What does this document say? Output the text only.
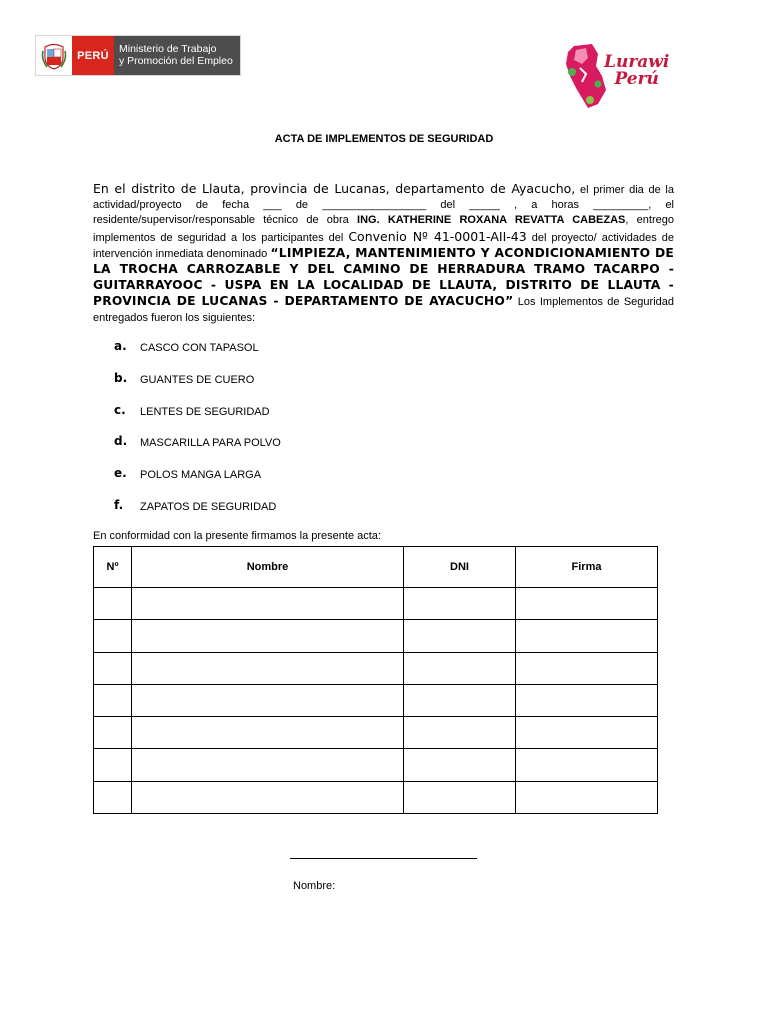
PERÚ
Ministerio de Trabajo
y Promoción del Empleo	Lurawi
Perú
ACTA DE IMPLEMENTOS DE SEGURIDAD
En el distrito de Llauta, provincia de Lucanas, departamento de Ayacucho, el primer dia de la actividad/proyecto de fecha ___ de _________________ del _____ , a horas _________, el residente/supervisor/responsable técnico de obra ING. KATHERINE ROXANA REVATTA CABEZAS, entrego implementos de seguridad a los participantes del Convenio Nº 41-0001-AII-43 del proyecto/ actividades de intervención inmediata denominado “LIMPIEZA, MANTENIMIENTO Y ACONDICIONAMIENTO DE LA TROCHA CARROZABLE Y DEL CAMINO DE HERRADURA TRAMO TACARPO - GUITARRAYOOC - USPA EN LA LOCALIDAD DE LLAUTA, DISTRITO DE LLAUTA - PROVINCIA DE LUCANAS - DEPARTAMENTO DE AYACUCHO” Los Implementos de Seguridad entregados fueron los siguientes:
a.	CASCO CON TAPASOL
b.	GUANTES DE CUERO
c.	LENTES DE SEGURIDAD
d.	MASCARILLA PARA POLVO
e.	POLOS MANGA LARGA
f.	ZAPATOS DE SEGURIDAD
En conformidad con la presente firmamos la presente acta:
Nº	Nombre	DNI	Firma

Nombre:
